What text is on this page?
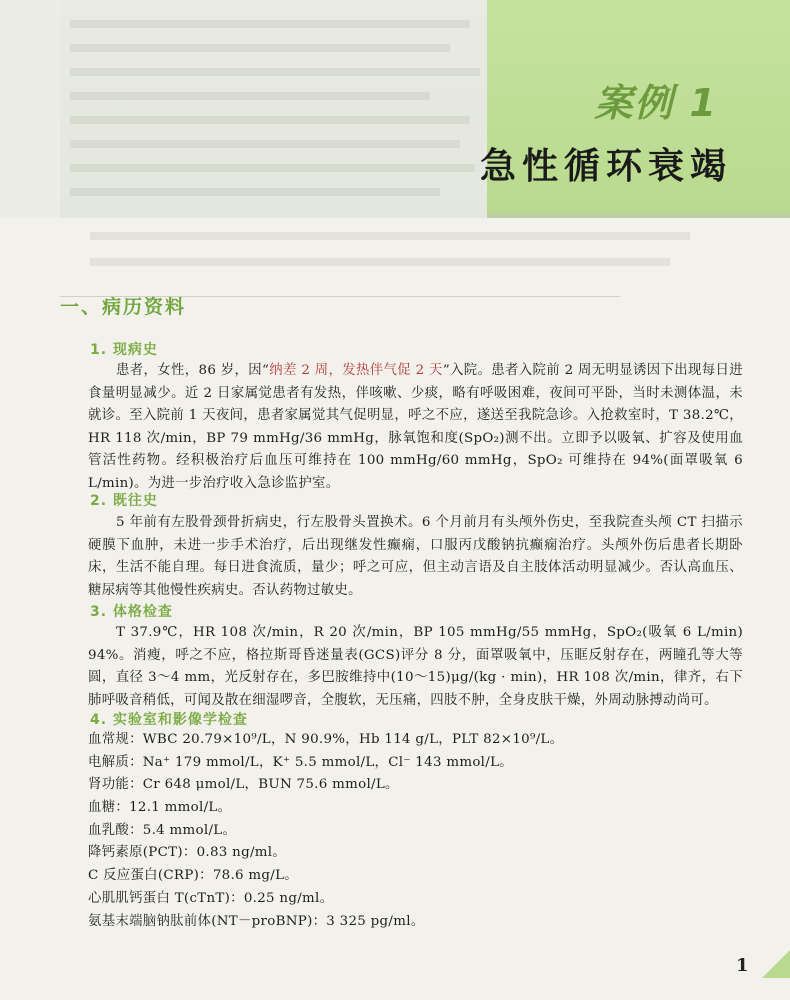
案例 1
急性循环衰竭
一、病历资料
1. 现病史
患者，女性，86 岁，因“纳差 2 周，发热伴气促 2 天”入院。患者入院前 2 周无明显诱因下出现每日进食量明显减少。近 2 日家属觉患者有发热，伴咳嗽、少痰，略有呼吸困难，夜间可平卧，当时未测体温，未就诊。至入院前 1 天夜间，患者家属觉其气促明显，呼之不应，遂送至我院急诊。入抢救室时，T 38.2℃，HR 118 次/min，BP 79 mmHg/36 mmHg，脉氧饱和度(SpO₂)测不出。立即予以吸氧、扩容及使用血管活性药物。经积极治疗后血压可维持在 100 mmHg/60 mmHg，SpO₂ 可维持在 94%(面罩吸氧 6 L/min)。为进一步治疗收入急诊监护室。
2. 既往史
5 年前有左股骨颈骨折病史，行左股骨头置换术。6 个月前月有头颅外伤史，至我院查头颅 CT 扫描示硬膜下血肿，未进一步手术治疗，后出现继发性癫痫，口服丙戊酸钠抗癫痫治疗。头颅外伤后患者长期卧床，生活不能自理。每日进食流质，量少；呼之可应，但主动言语及自主肢体活动明显减少。否认高血压、糖尿病等其他慢性疾病史。否认药物过敏史。
3. 体格检查
T 37.9℃，HR 108 次/min，R 20 次/min，BP 105 mmHg/55 mmHg，SpO₂(吸氧 6 L/min) 94%。消瘦，呼之不应，格拉斯哥昏迷量表(GCS)评分 8 分，面罩吸氧中，压眶反射存在，两瞳孔等大等圆，直径 3～4 mm，光反射存在，多巴胺维持中(10～15)μg/(kg · min)，HR 108 次/min，律齐，右下肺呼吸音稍低，可闻及散在细湿啰音，全腹软，无压痛，四肢不肿，全身皮肤干燥，外周动脉搏动尚可。
4. 实验室和影像学检查
血常规：WBC 20.79×10⁹/L，N 90.9%，Hb 114 g/L，PLT 82×10⁹/L。
电解质：Na⁺ 179 mmol/L，K⁺ 5.5 mmol/L，Cl⁻ 143 mmol/L。
肾功能：Cr 648 μmol/L，BUN 75.6 mmol/L。
血糖：12.1 mmol/L。
血乳酸：5.4 mmol/L。
降钙素原(PCT)：0.83 ng/ml。
C 反应蛋白(CRP)：78.6 mg/L。
心肌肌钙蛋白 T(cTnT)：0.25 ng/ml。
氨基末端脑钠肽前体(NT－proBNP)：3 325 pg/ml。
1
